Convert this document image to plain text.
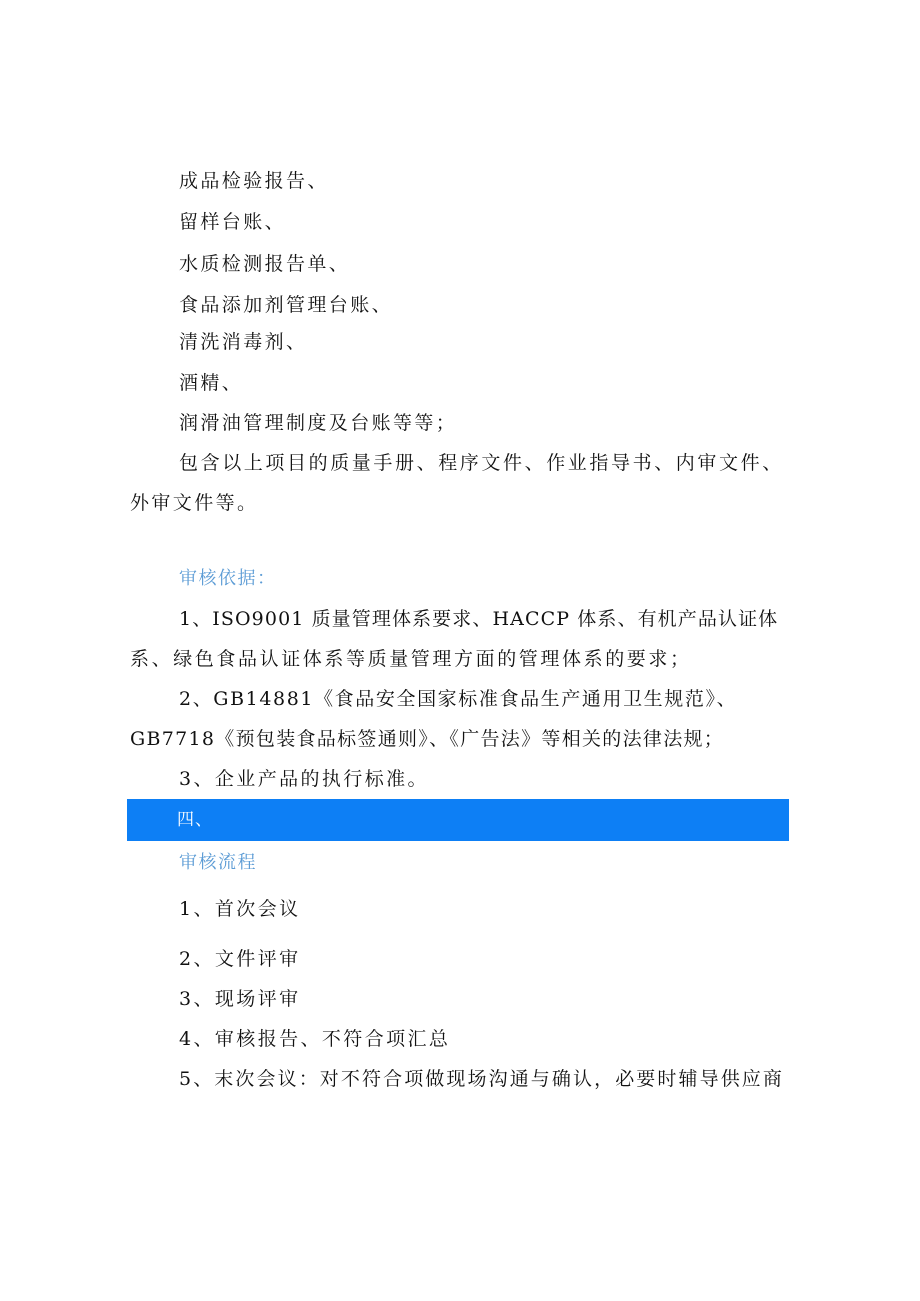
成品检验报告、
留样台账、
水质检测报告单、
食品添加剂管理台账、
清洗消毒剂、
酒精、
润滑油管理制度及台账等等；
包含以上项目的质量手册、程序文件、作业指导书、内审文件、
外审文件等。
审核依据：
1、ISO9001 质量管理体系要求、HACCP 体系、有机产品认证体
系、绿色食品认证体系等质量管理方面的管理体系的要求；
2、GB14881《食品安全国家标准食品生产通用卫生规范》、
GB7718《预包装食品标签通则》、《广告法》等相关的法律法规；
3、企业产品的执行标准。
四、
审核流程
1、首次会议
2、文件评审
3、现场评审
4、审核报告、不符合项汇总
5、末次会议：对不符合项做现场沟通与确认，必要时辅导供应商
